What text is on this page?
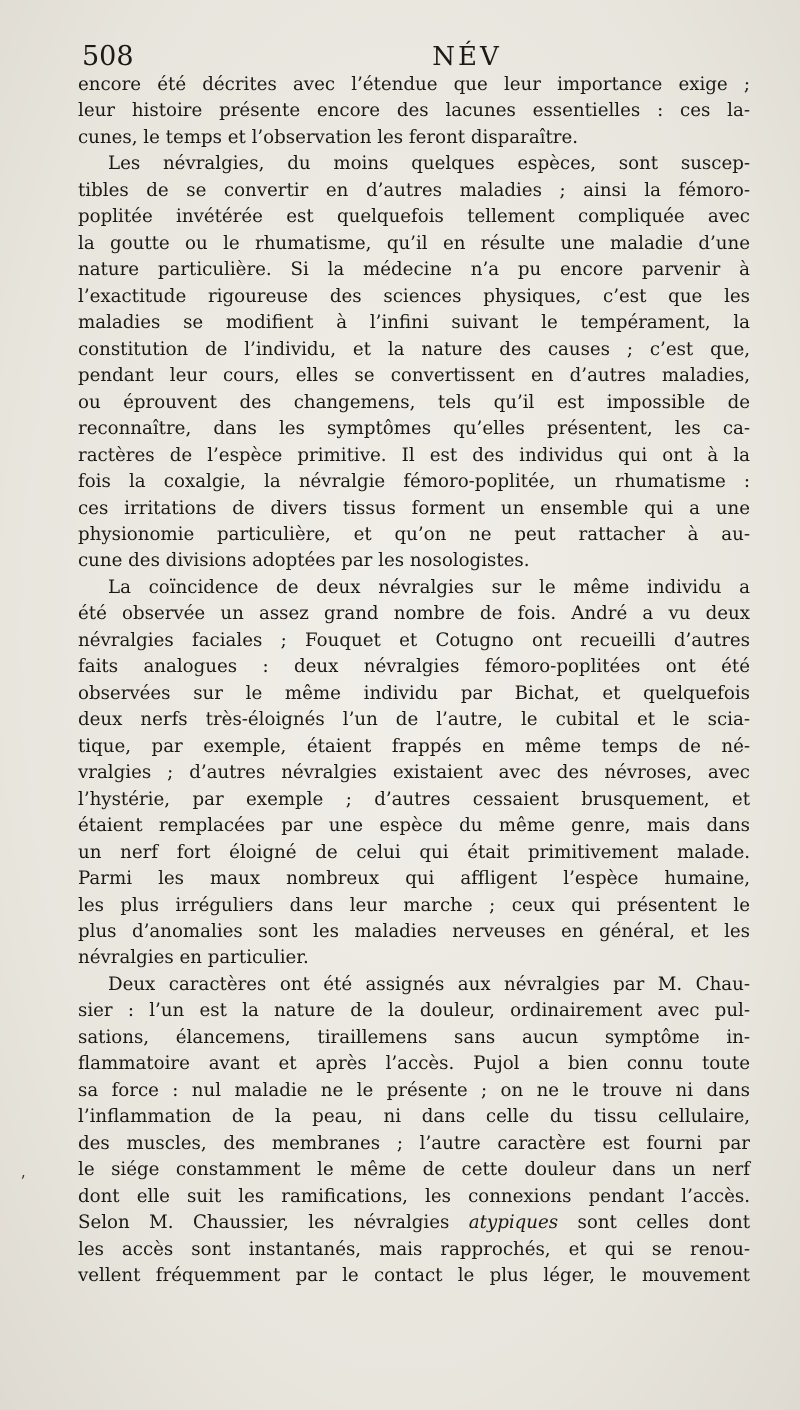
508	NÉV
encore été décrites avec l’étendue que leur importance exige ;
leur histoire présente encore des lacunes essentielles : ces la-
cunes, le temps et l’observation les feront disparaître.
Les névralgies, du moins quelques espèces, sont suscep-
tibles de se convertir en d’autres maladies ; ainsi la fémoro-
poplitée invétérée est quelquefois tellement compliquée avec
la goutte ou le rhumatisme, qu’il en résulte une maladie d’une
nature particulière. Si la médecine n’a pu encore parvenir à
l’exactitude rigoureuse des sciences physiques, c’est que les
maladies se modifient à l’infini suivant le tempérament, la
constitution de l’individu, et la nature des causes ; c’est que,
pendant leur cours, elles se convertissent en d’autres maladies,
ou éprouvent des changemens, tels qu’il est impossible de
reconnaître, dans les symptômes qu’elles présentent, les ca-
ractères de l’espèce primitive. Il est des individus qui ont à la
fois la coxalgie, la névralgie fémoro-poplitée, un rhumatisme :
ces irritations de divers tissus forment un ensemble qui a une
physionomie particulière, et qu’on ne peut rattacher à au-
cune des divisions adoptées par les nosologistes.
La coïncidence de deux névralgies sur le même individu a
été observée un assez grand nombre de fois. André a vu deux
névralgies faciales ; Fouquet et Cotugno ont recueilli d’autres
faits analogues : deux névralgies fémoro-poplitées ont été
observées sur le même individu par Bichat, et quelquefois
deux nerfs très-éloignés l’un de l’autre, le cubital et le scia-
tique, par exemple, étaient frappés en même temps de né-
vralgies ; d’autres névralgies existaient avec des névroses, avec
l’hystérie, par exemple ; d’autres cessaient brusquement, et
étaient remplacées par une espèce du même genre, mais dans
un nerf fort éloigné de celui qui était primitivement malade.
Parmi les maux nombreux qui affligent l’espèce humaine,
les plus irréguliers dans leur marche ; ceux qui présentent le
plus d’anomalies sont les maladies nerveuses en général, et les
névralgies en particulier.
Deux caractères ont été assignés aux névralgies par M. Chau-
sier : l’un est la nature de la douleur, ordinairement avec pul-
sations, élancemens, tiraillemens sans aucun symptôme in-
flammatoire avant et après l’accès. Pujol a bien connu toute
sa force : nul maladie ne le présente ; on ne le trouve ni dans
l’inflammation de la peau, ni dans celle du tissu cellulaire,
des muscles, des membranes ; l’autre caractère est fourni par
le siége constamment le même de cette douleur dans un nerf
dont elle suit les ramifications, les connexions pendant l’accès.
Selon M. Chaussier, les névralgies atypiques sont celles dont
les accès sont instantanés, mais rapprochés, et qui se renou-
vellent fréquemment par le contact le plus léger, le mouvement
ʼ
